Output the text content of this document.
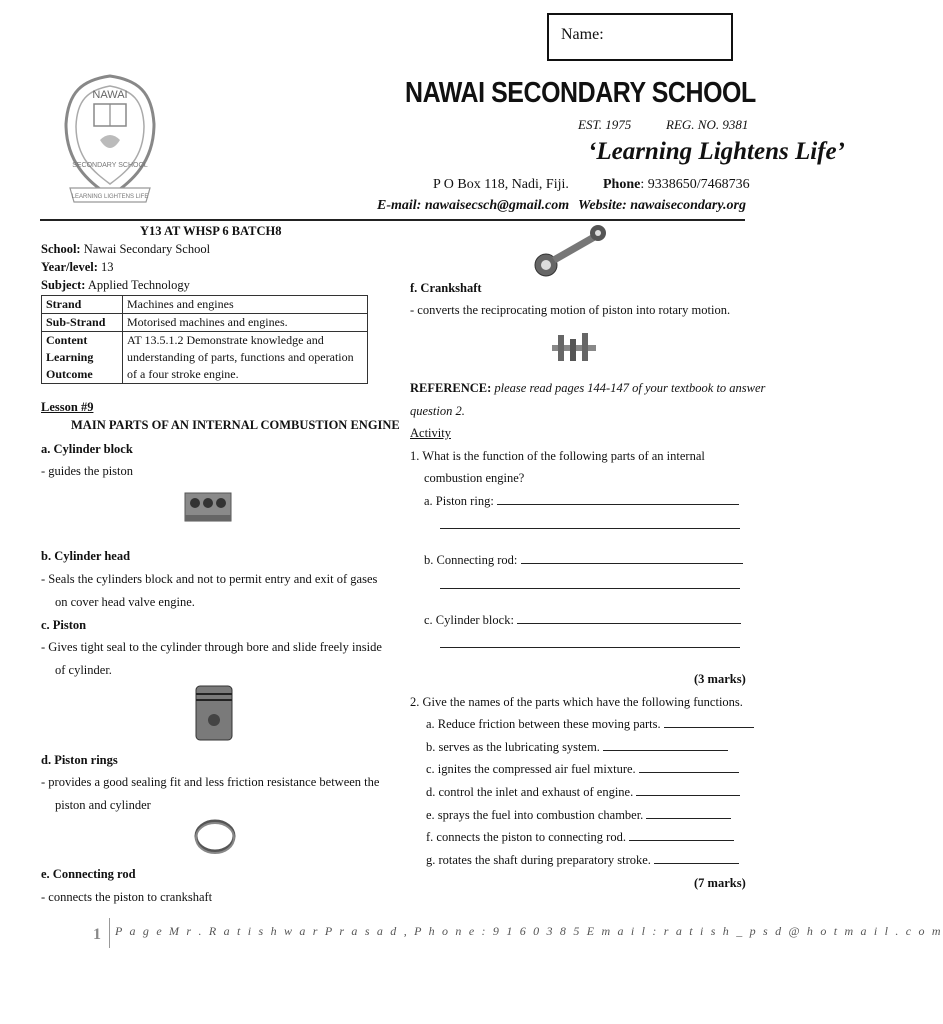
Name:
NAWAI
SECONDARY SCHOOL
LEARNING LIGHTENS LIFE
NAWAI SECONDARY SCHOOL
EST. 1975	REG. NO. 9381
‘Learning Lightens Life’
P O Box 118, Nadi, Fiji. Phone: 9338650/7468736
E-mail: nawaisecsch@gmail.com Website: nawaisecondary.org
Y13 AT WHSP 6 BATCH8
School: Nawai Secondary School
Year/level: 13
Subject: Applied Technology
Strand	Machines and engines
Sub-Strand	Motorised machines and engines.
Content Learning Outcome	AT 13.5.1.2 Demonstrate knowledge and understanding of parts, functions and operation of a four stroke engine.
Lesson #9
MAIN PARTS OF AN INTERNAL COMBUSTION ENGINE
a. Cylinder block
- guides the piston
b. Cylinder head
- Seals the cylinders block and not to permit entry and exit of gases
on cover head valve engine.
c. Piston
- Gives tight seal to the cylinder through bore and slide freely inside
of cylinder.
d. Piston rings
- provides a good sealing fit and less friction resistance between the
piston and cylinder
e. Connecting rod
- connects the piston to crankshaft
f. Crankshaft
- converts the reciprocating motion of piston into rotary motion.
REFERENCE: please read pages 144-147 of your textbook to answer
question 2.
Activity
1. What is the function of the following parts of an internal
combustion engine?
a. Piston ring:
b. Connecting rod:
c. Cylinder block:
(3 marks)
2. Give the names of the parts which have the following functions.
a. Reduce friction between these moving parts.
b. serves as the lubricating system.
c. ignites the compressed air fuel mixture.
d. control the inlet and exhaust of engine.
e. sprays the fuel into combustion chamber.
f. connects the piston to connecting rod.
g. rotates the shaft during preparatory stroke.
(7 marks)
1 P a g e M r . R a t i s h w a r P r a s a d , P h o n e : 9 1 6 0 3 8 5 E m a i l : r a t i s h _ p s d @ h o t m a i l . c o m
